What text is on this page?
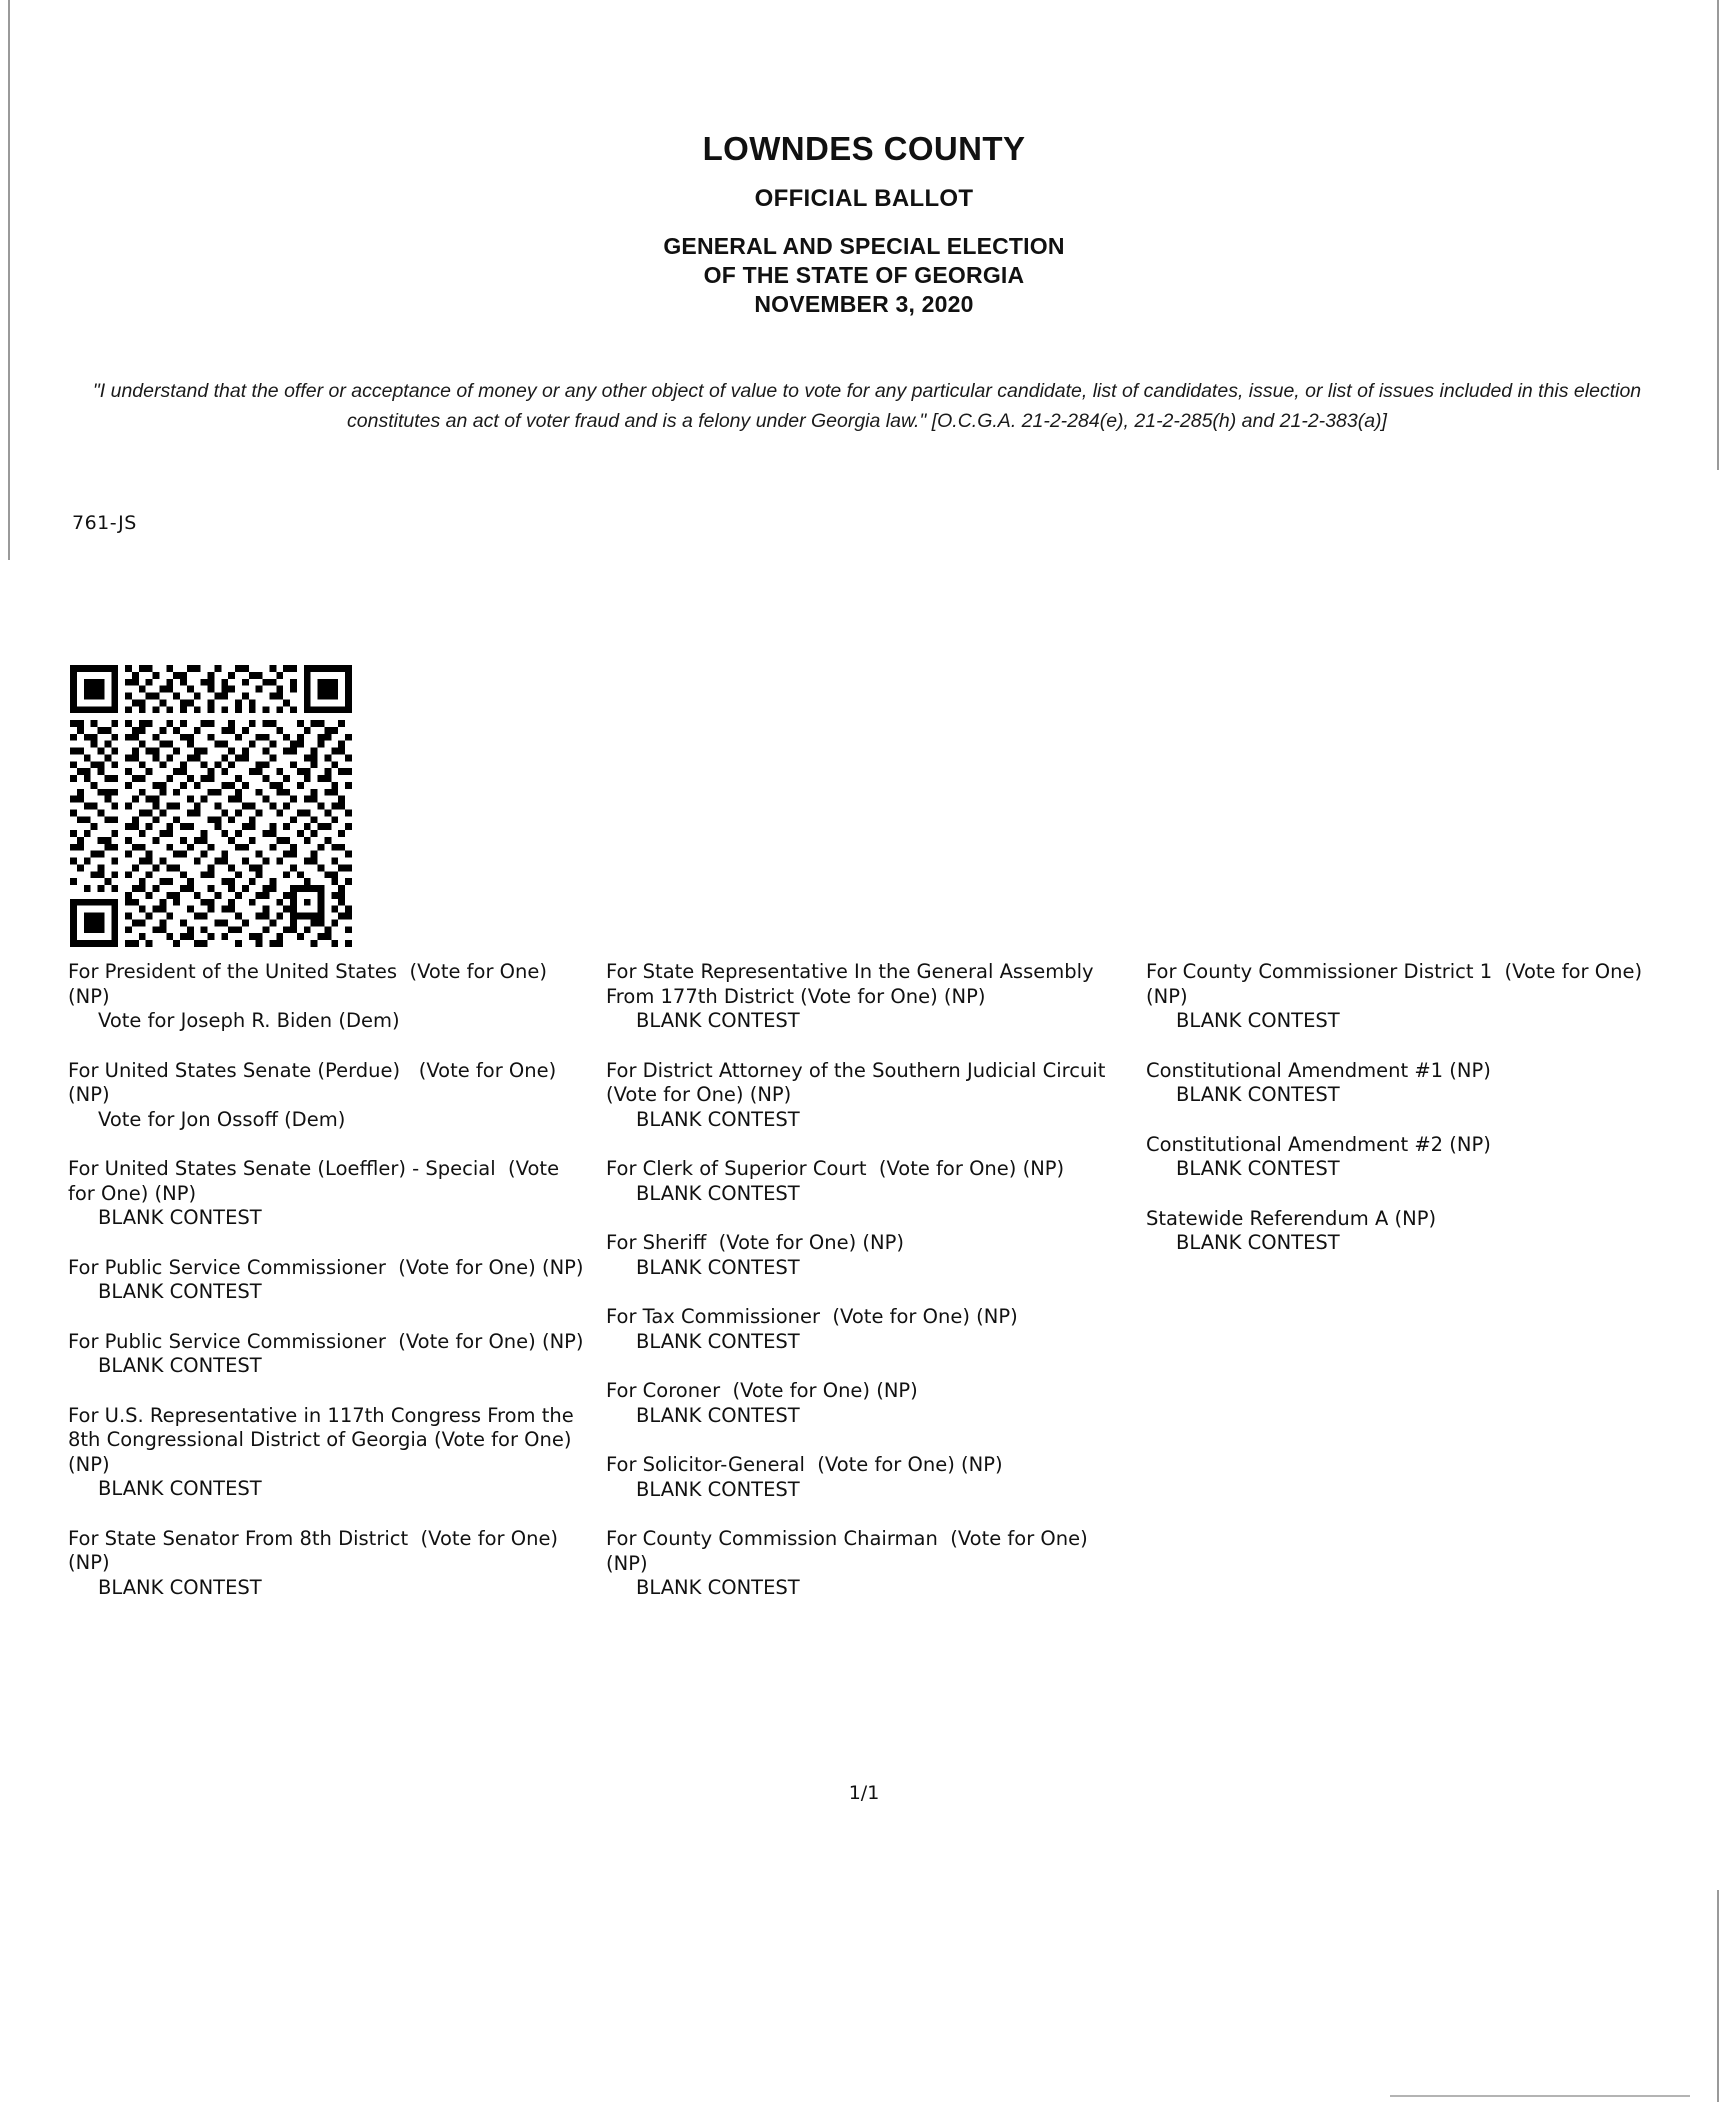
LOWNDES COUNTY
OFFICIAL BALLOT
GENERAL AND SPECIAL ELECTION
OF THE STATE OF GEORGIA
NOVEMBER 3, 2020
"I understand that the offer or acceptance of money or any other object of value to vote for any particular candidate, list of candidates, issue, or list of issues included in this election constitutes an act of voter fraud and is a felony under Georgia law." [O.C.G.A. 21-2-284(e), 21-2-285(h) and 21-2-383(a)]
761-JS
For President of the United States  (Vote for One) (NP)
Vote for Joseph R. Biden (Dem)
For United States Senate (Perdue)   (Vote for One) (NP)
Vote for Jon Ossoff (Dem)
For United States Senate (Loeffler) - Special  (Vote for One) (NP)
BLANK CONTEST
For Public Service Commissioner  (Vote for One) (NP)
BLANK CONTEST
For Public Service Commissioner  (Vote for One) (NP)
BLANK CONTEST
For U.S. Representative in 117th Congress From the 8th Congressional District of Georgia (Vote for One) (NP)
BLANK CONTEST
For State Senator From 8th District  (Vote for One) (NP)
BLANK CONTEST
For State Representative In the General Assembly From 177th District (Vote for One) (NP)
BLANK CONTEST
For District Attorney of the Southern Judicial Circuit  (Vote for One) (NP)
BLANK CONTEST
For Clerk of Superior Court  (Vote for One) (NP)
BLANK CONTEST
For Sheriff  (Vote for One) (NP)
BLANK CONTEST
For Tax Commissioner  (Vote for One) (NP)
BLANK CONTEST
For Coroner  (Vote for One) (NP)
BLANK CONTEST
For Solicitor-General  (Vote for One) (NP)
BLANK CONTEST
For County Commission Chairman  (Vote for One) (NP)
BLANK CONTEST
For County Commissioner District 1  (Vote for One) (NP)
BLANK CONTEST
Constitutional Amendment #1 (NP)
BLANK CONTEST
Constitutional Amendment #2 (NP)
BLANK CONTEST
Statewide Referendum A (NP)
BLANK CONTEST
1/1
